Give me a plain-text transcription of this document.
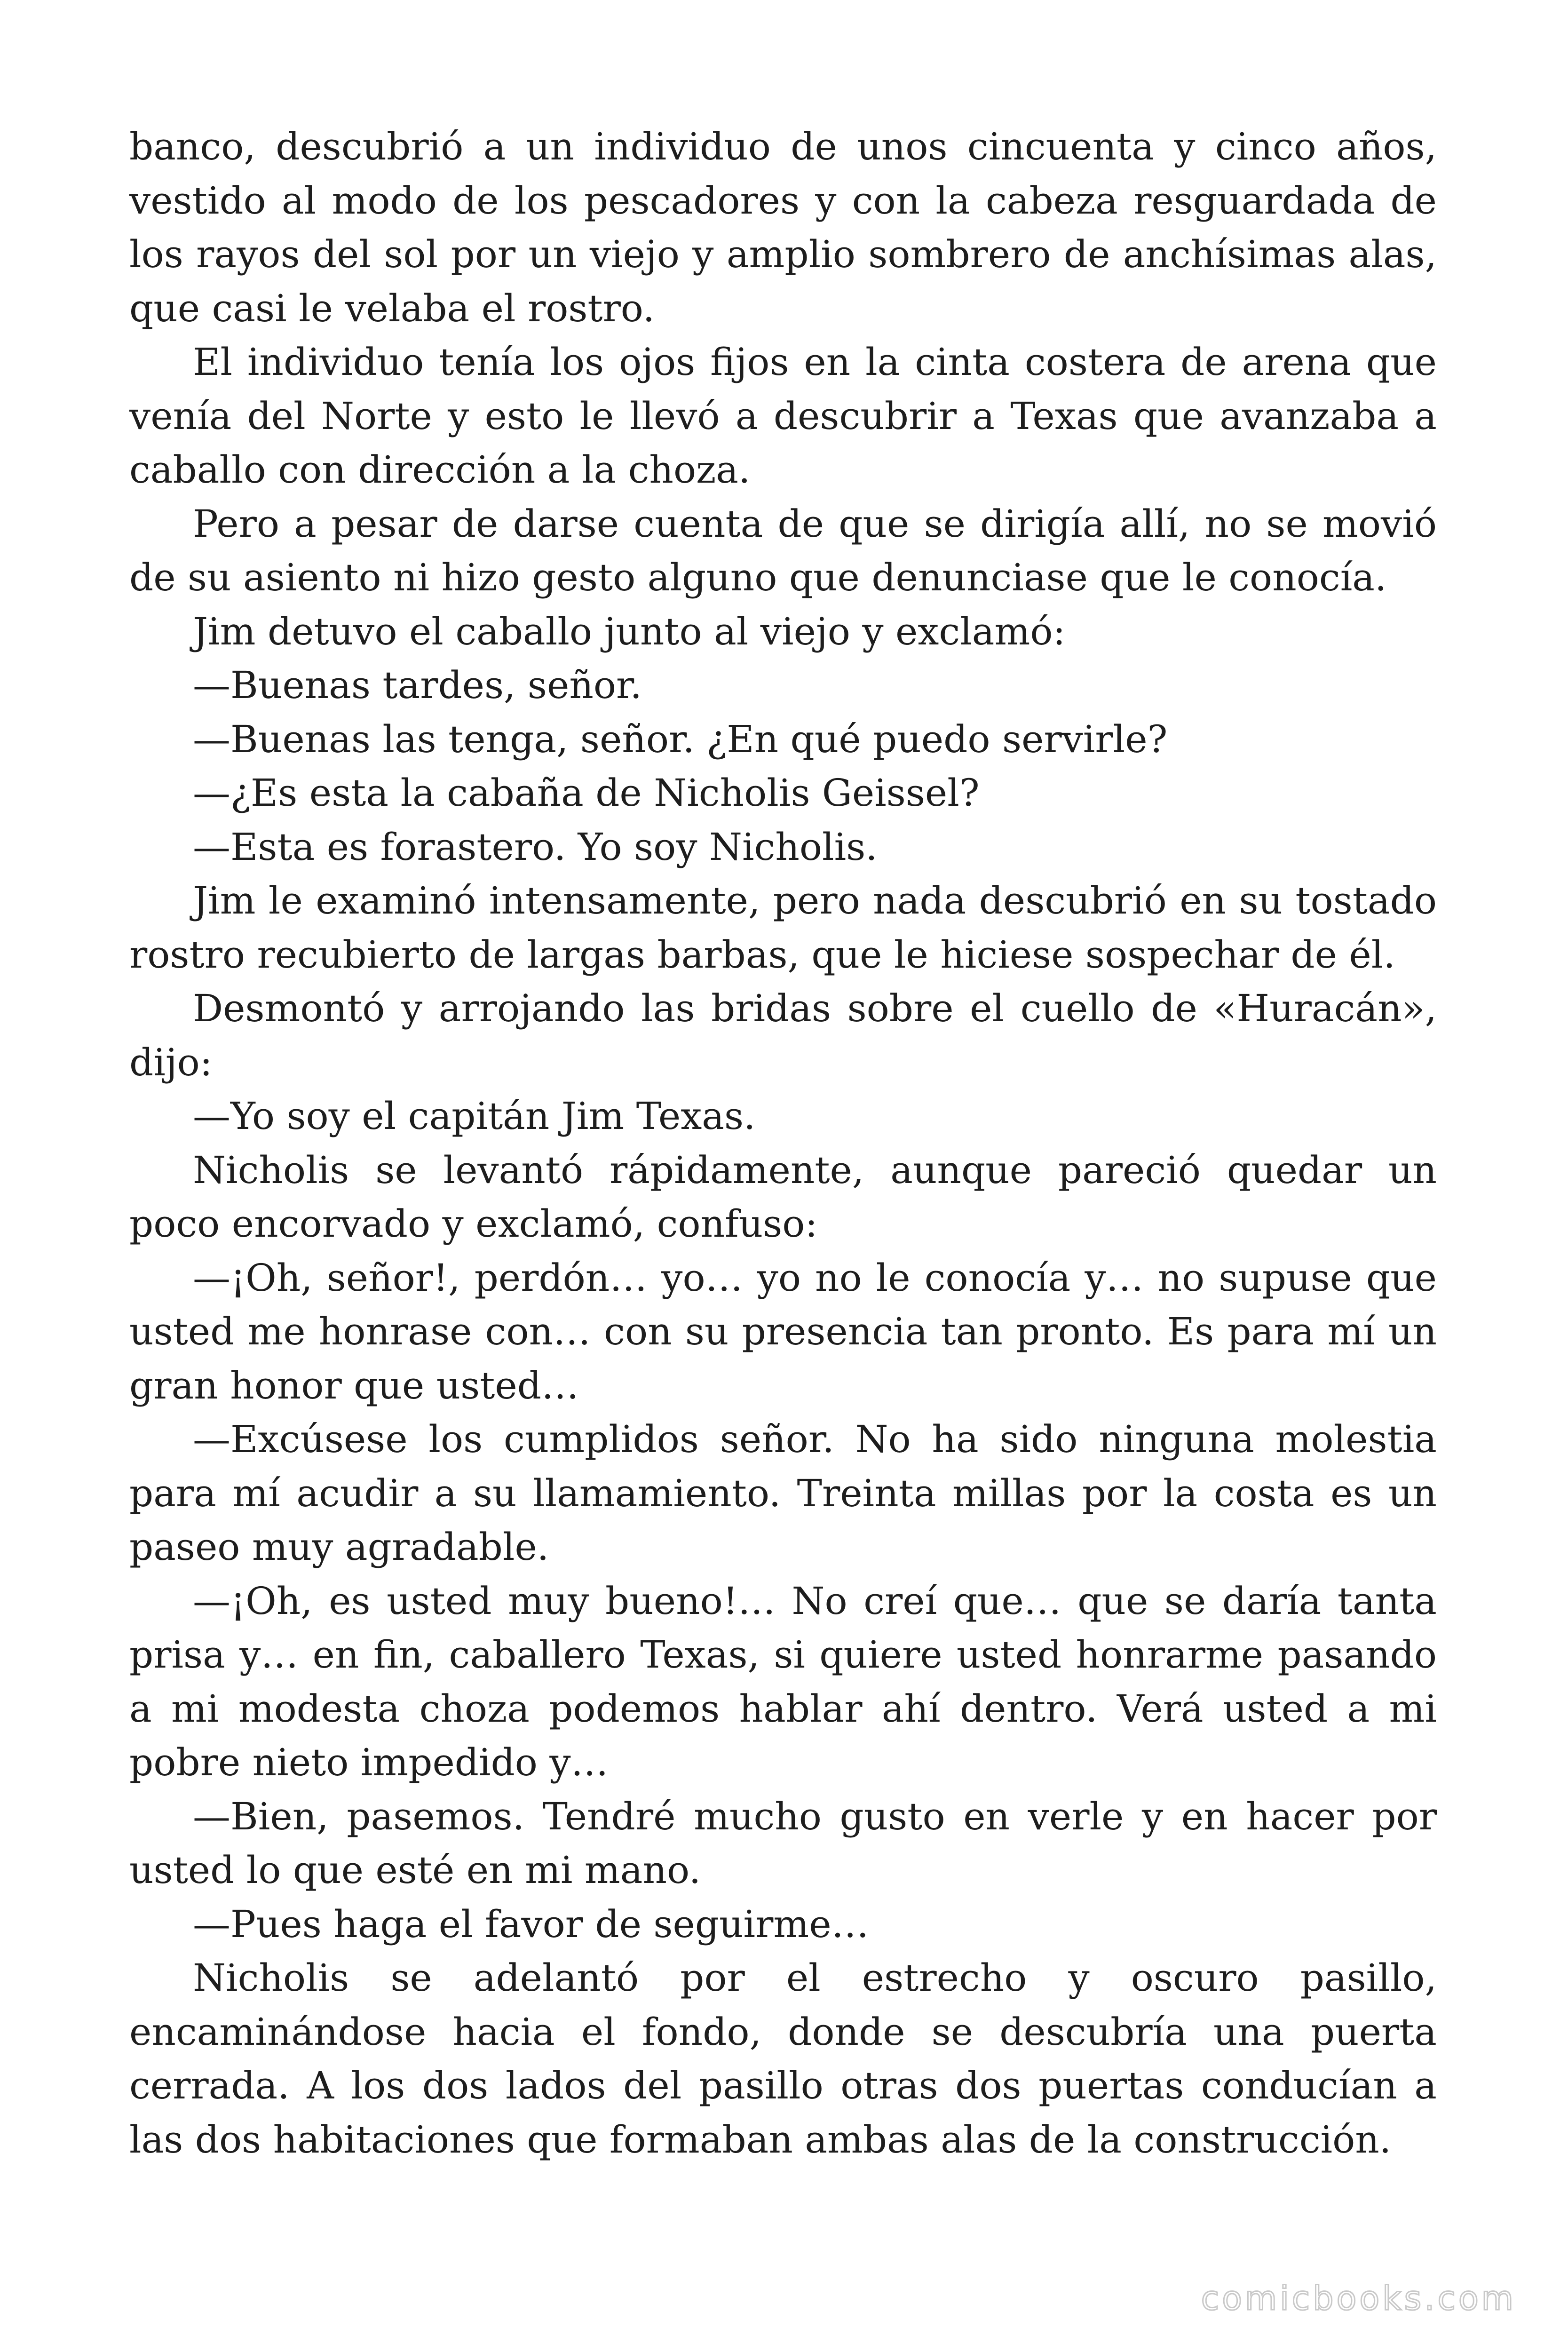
banco, descubrió a un individuo de unos cincuenta y cinco años, vestido al modo de los pescadores y con la cabeza resguardada de los rayos del sol por un viejo y amplio sombrero de anchísimas alas, que casi le velaba el rostro.

El individuo tenía los ojos fijos en la cinta costera de arena que venía del Norte y esto le llevó a descubrir a Texas que avanzaba a caballo con dirección a la choza.

Pero a pesar de darse cuenta de que se dirigía allí, no se movió de su asiento ni hizo gesto alguno que denunciase que le conocía.

Jim detuvo el caballo junto al viejo y exclamó:

—Buenas tardes, señor.

—Buenas las tenga, señor. ¿En qué puedo servirle?

—¿Es esta la cabaña de Nicholis Geissel?

—Esta es forastero. Yo soy Nicholis.

Jim le examinó intensamente, pero nada descubrió en su tostado rostro recubierto de largas barbas, que le hiciese sospechar de él.

Desmontó y arrojando las bridas sobre el cuello de «Huracán», dijo:

—Yo soy el capitán Jim Texas.

Nicholis se levantó rápidamente, aunque pareció quedar un poco encorvado y exclamó, confuso:

—¡Oh, señor!, perdón… yo… yo no le conocía y… no supuse que usted me honrase con… con su presencia tan pronto. Es para mí un gran honor que usted…

—Excúsese los cumplidos señor. No ha sido ninguna molestia para mí acudir a su llamamiento. Treinta millas por la costa es un paseo muy agradable.

—¡Oh, es usted muy bueno!… No creí que… que se daría tanta prisa y… en fin, caballero Texas, si quiere usted honrarme pasando a mi modesta choza podemos hablar ahí dentro. Verá usted a mi pobre nieto impedido y…

—Bien, pasemos. Tendré mucho gusto en verle y en hacer por usted lo que esté en mi mano.

—Pues haga el favor de seguirme…

Nicholis se adelantó por el estrecho y oscuro pasillo, encaminándose hacia el fondo, donde se descubría una puerta cerrada. A los dos lados del pasillo otras dos puertas conducían a las dos habitaciones que formaban ambas alas de la construcción.

comicbooks.com
